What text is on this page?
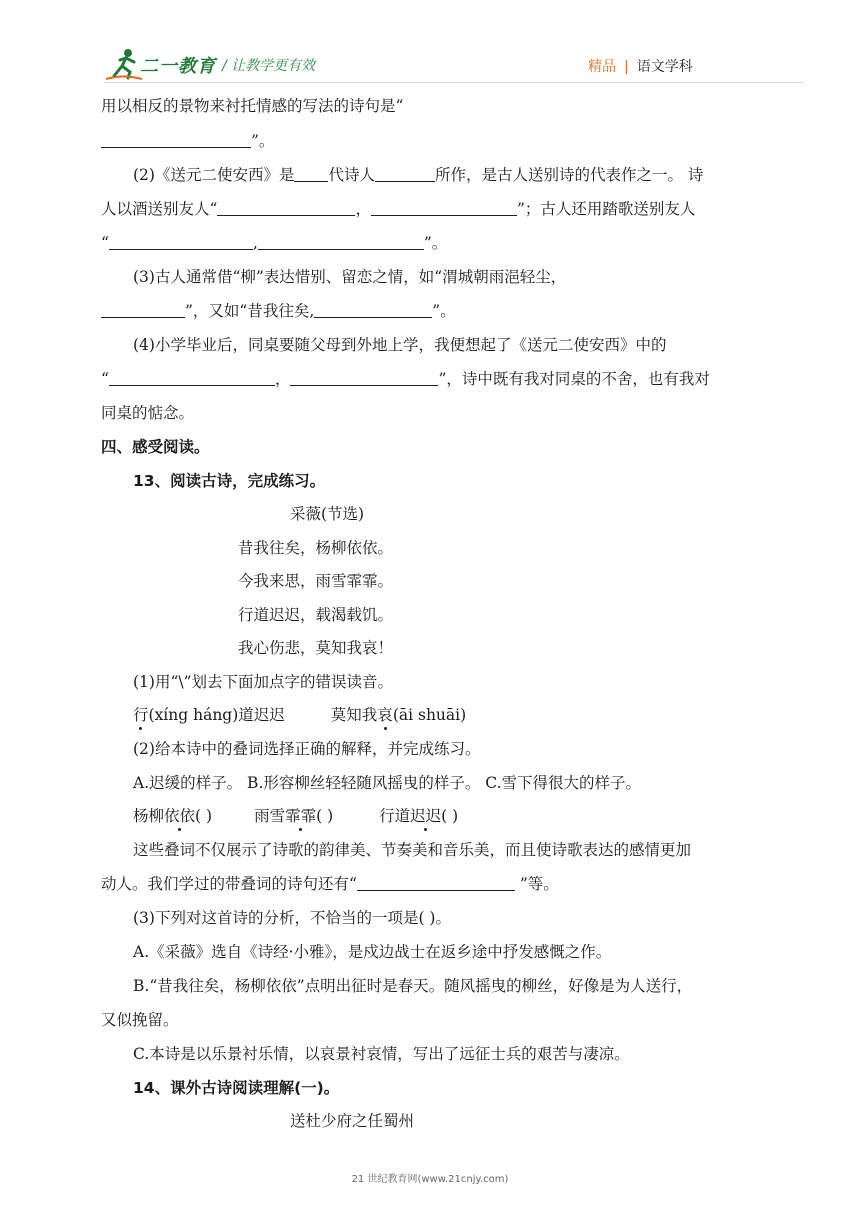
二一教育 / 让教学更有效	精品 | 语文学科
用以相反的景物来衬托情感的写法的诗句是“
”。
(2)《送元二使安西》是 代诗人	所作，是古人送别诗的代表作之一。 诗
人以酒送别友人“	，	”；古人还用踏歌送别友人
“	,	”。
(3)古人通常借“柳”表达惜别、留恋之情，如“渭城朝雨浥轻尘，
”，又如“昔我往矣,	”。
(4)小学毕业后，同桌要随父母到外地上学，我便想起了《送元二使安西》中的
“	，	”，诗中既有我对同桌的不舍，也有我对
同桌的惦念。
四、感受阅读。
13、阅读古诗，完成练习。
采薇(节选)
昔我往矣，杨柳依依。
今我来思，雨雪霏霏。
行道迟迟，载渴载饥。
我心伤悲，莫知我哀！
(1)用“\”划去下面加点字的错误读音。
行(xíng háng)道迟迟	莫知我哀(āi shuāi)
(2)给本诗中的叠词选择正确的解释，并完成练习。
A.迟缓的样子。 B.形容柳丝轻轻随风摇曳的样子。 C.雪下得很大的样子。
杨柳依依( )	雨雪霏霏( )	行道迟迟( )
这些叠词不仅展示了诗歌的韵律美、节奏美和音乐美，而且使诗歌表达的感情更加
动人。我们学过的带叠词的诗句还有“	”等。
(3)下列对这首诗的分析，不恰当的一项是( )。
A.《采薇》选自《诗经·小雅》，是戍边战士在返乡途中抒发感慨之作。
B.“昔我往矣，杨柳依依”点明出征时是春天。随风摇曳的柳丝，好像是为人送行，
又似挽留。
C.本诗是以乐景衬乐情，以哀景衬哀情，写出了远征士兵的艰苦与凄凉。
14、课外古诗阅读理解(一)。
送杜少府之任蜀州
21 世纪教育网(www.21cnjy.com)
